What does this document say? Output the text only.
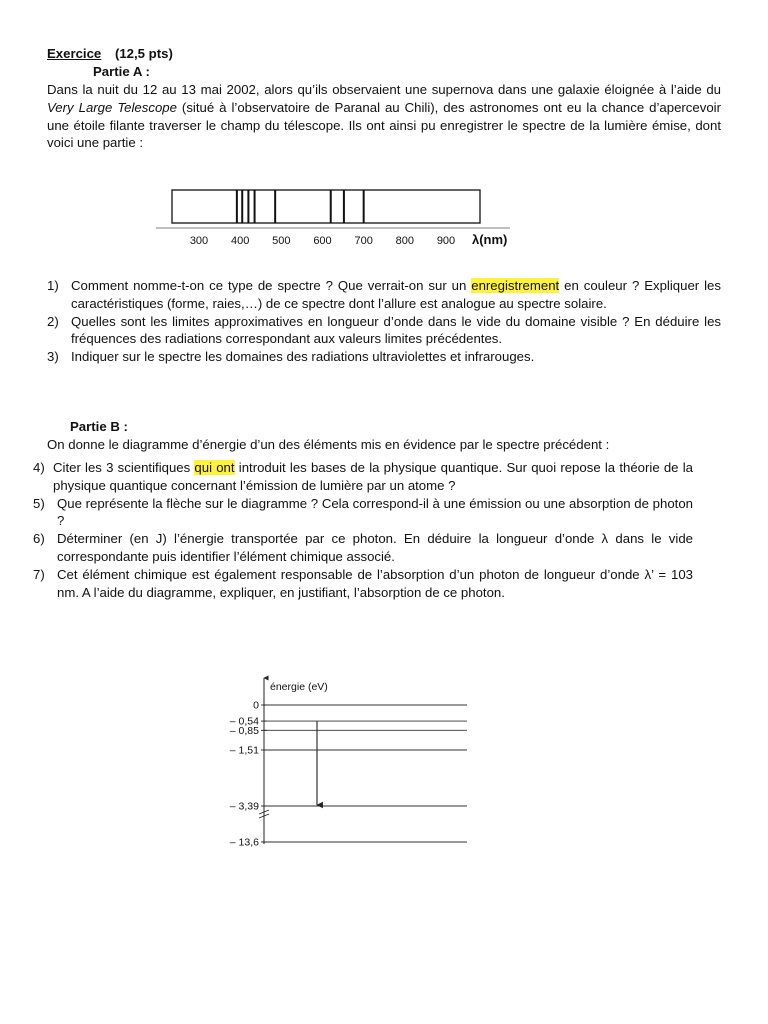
Exercice (12,5 pts)
Partie A :
Dans la nuit du 12 au 13 mai 2002, alors qu’ils observaient une supernova dans une galaxie éloignée à l’aide du Very Large Telescope (situé à l’observatoire de Paranal au Chili), des astronomes ont eu la chance d’apercevoir une étoile filante traverser le champ du télescope. Ils ont ainsi pu enregistrer le spectre de la lumière émise, dont voici une partie :
300 400 500 600 700 800 900 λ(nm)
1) Comment nomme-t-on ce type de spectre ? Que verrait-on sur un enregistrement en couleur ? Expliquer les caractéristiques (forme, raies,…) de ce spectre dont l’allure est analogue au spectre solaire.
2) Quelles sont les limites approximatives en longueur d’onde dans le vide du domaine visible ? En déduire les fréquences des radiations correspondant aux valeurs limites précédentes.
3) Indiquer sur le spectre les domaines des radiations ultraviolettes et infrarouges.
Partie B :
On donne le diagramme d’énergie d’un des éléments mis en évidence par le spectre précédent :
4) Citer les 3 scientifiques qui ont introduit les bases de la physique quantique. Sur quoi repose la théorie de la physique quantique concernant l’émission de lumière par un atome ?
5) Que représente la flèche sur le diagramme ? Cela correspond-il à une émission ou une absorption de photon ?
6) Déterminer (en J) l’énergie transportée par ce photon. En déduire la longueur d’onde λ dans le vide correspondante puis identifier l’élément chimique associé.
7) Cet élément chimique est également responsable de l’absorption d’un photon de longueur d’onde λ’ = 103 nm. A l’aide du diagramme, expliquer, en justifiant, l’absorption de ce photon.
énergie (eV)
0
– 0,54
– 0,85
– 1,51
– 3,39
– 13,6
